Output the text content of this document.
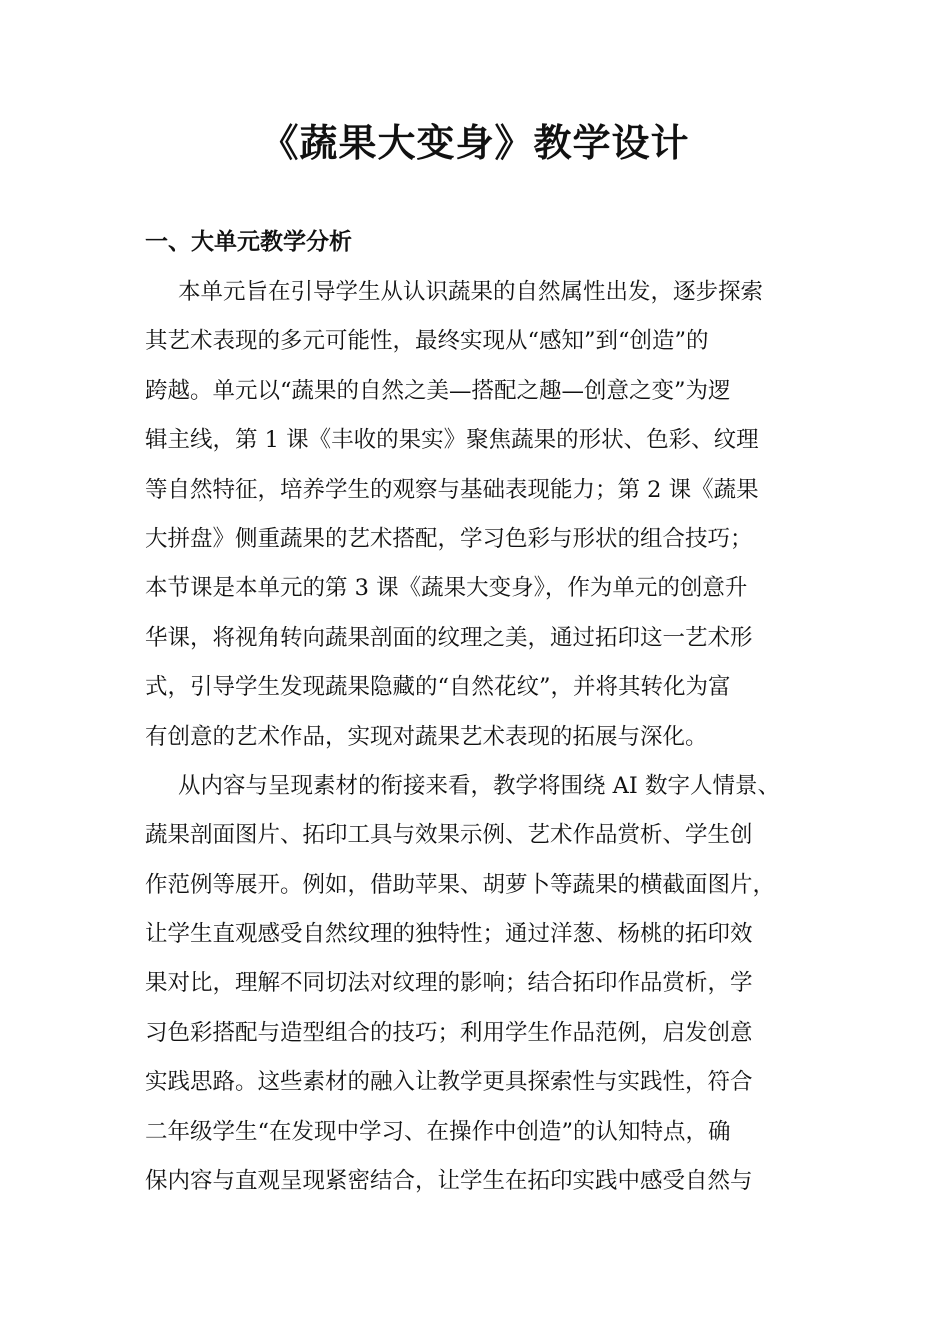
《蔬果大变身》教学设计
一、大单元教学分析
本单元旨在引导学生从认识蔬果的自然属性出发，逐步探索
其艺术表现的多元可能性，最终实现从“感知”到“创造”的
跨越。单元以“蔬果的自然之美—搭配之趣—创意之变”为逻
辑主线，第 1 课《丰收的果实》聚焦蔬果的形状、色彩、纹理
等自然特征，培养学生的观察与基础表现能力；第 2 课《蔬果
大拼盘》侧重蔬果的艺术搭配，学习色彩与形状的组合技巧；
本节课是本单元的第 3 课《蔬果大变身》，作为单元的创意升
华课，将视角转向蔬果剖面的纹理之美，通过拓印这一艺术形
式，引导学生发现蔬果隐藏的“自然花纹”，并将其转化为富
有创意的艺术作品，实现对蔬果艺术表现的拓展与深化。
从内容与呈现素材的衔接来看，教学将围绕 AI 数字人情景、
蔬果剖面图片、拓印工具与效果示例、艺术作品赏析、学生创
作范例等展开。例如，借助苹果、胡萝卜等蔬果的横截面图片，
让学生直观感受自然纹理的独特性；通过洋葱、杨桃的拓印效
果对比，理解不同切法对纹理的影响；结合拓印作品赏析，学
习色彩搭配与造型组合的技巧；利用学生作品范例，启发创意
实践思路。这些素材的融入让教学更具探索性与实践性，符合
二年级学生“在发现中学习、在操作中创造”的认知特点，确
保内容与直观呈现紧密结合，让学生在拓印实践中感受自然与
